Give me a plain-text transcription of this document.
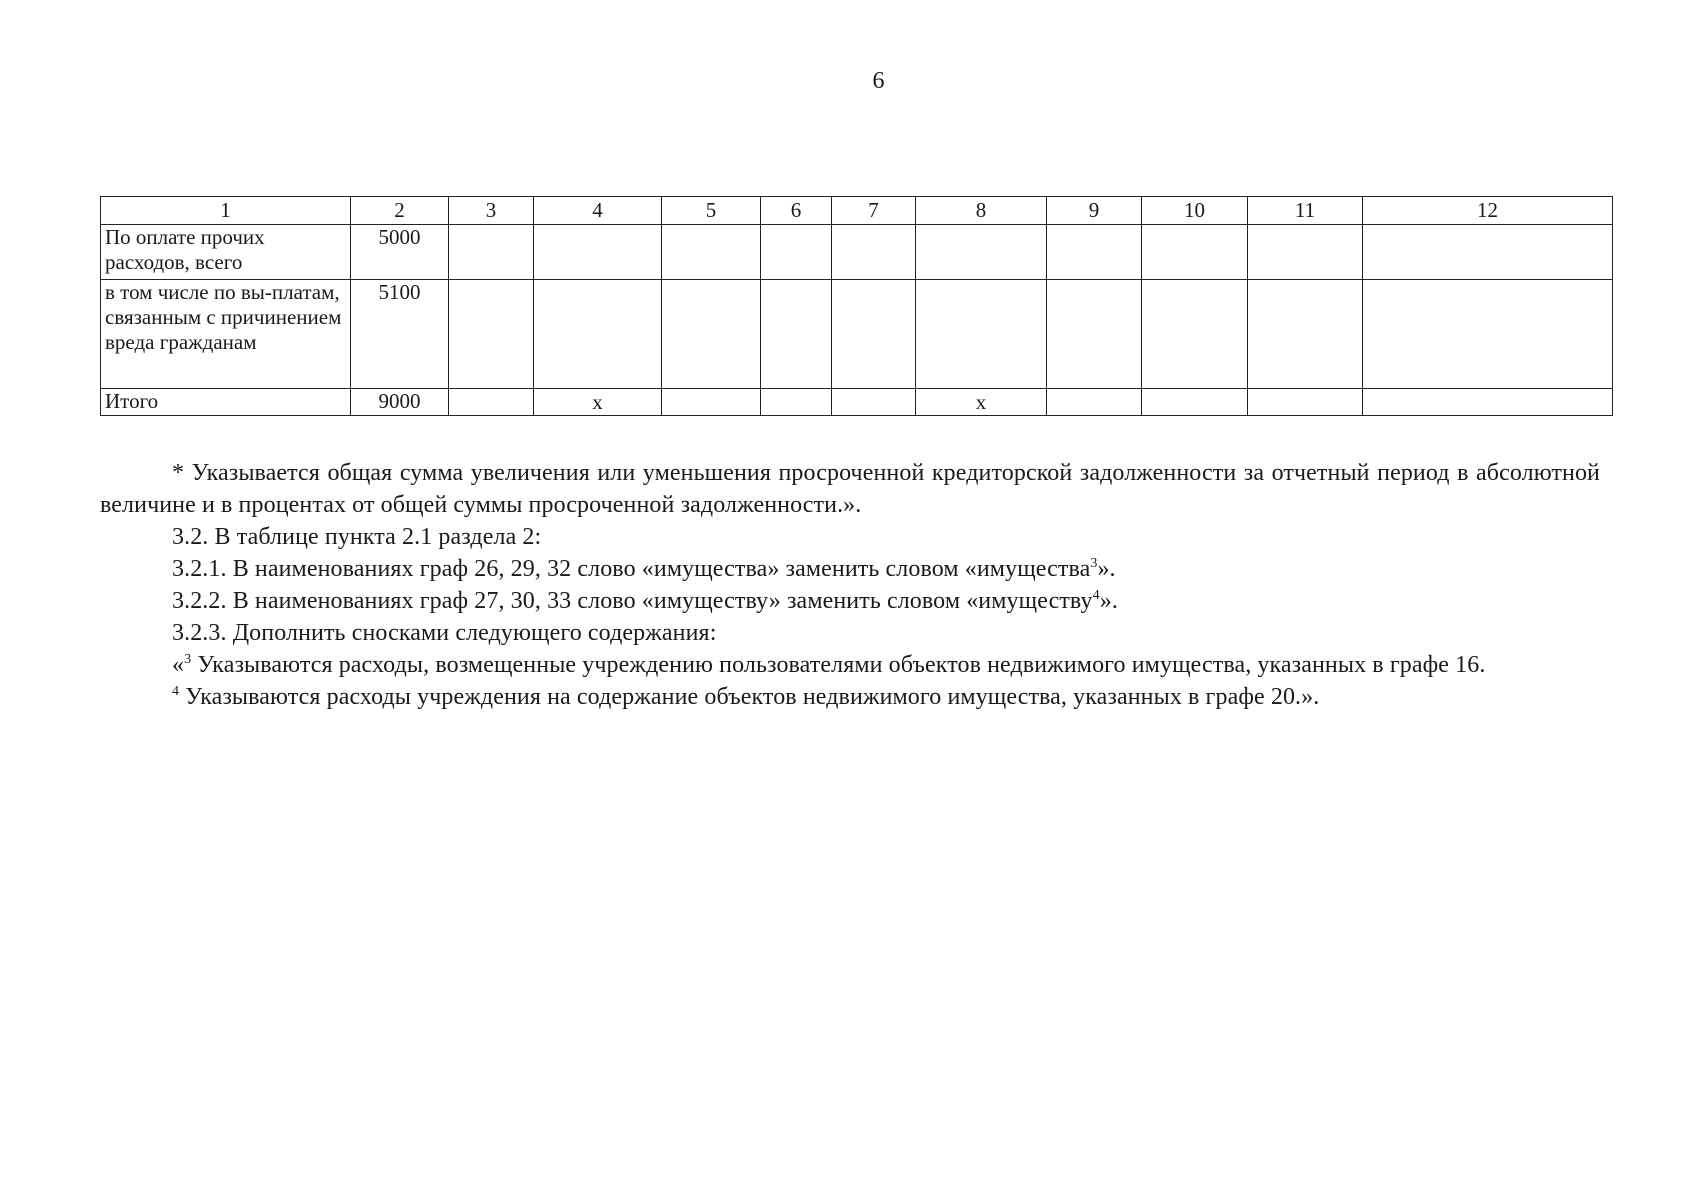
6
1	2	3	4	5	6	7	8	9	10	11	12
По оплате прочих расходов, всего	5000										
в том числе по вы-платам, связанным с причинением вреда гражданам	5100										
Итого	9000		x				x				

* Указывается общая сумма увеличения или уменьшения просроченной кредиторской задолженности за отчетный период в абсолютной величине и в процентах от общей суммы просроченной задолженности.».

3.2. В таблице пункта 2.1 раздела 2:

3.2.1. В наименованиях граф 26, 29, 32 слово «имущества» заменить словом «имущества$^3$».

3.2.2. В наименованиях граф 27, 30, 33 слово «имуществу» заменить словом «имуществу$^4$».

3.2.3. Дополнить сносками следующего содержания:

«$^3$ Указываются расходы, возмещенные учреждению пользователями объектов недвижимого имущества, указанных в графе 16.

$^4$ Указываются расходы учреждения на содержание объектов недвижимого имущества, указанных в графе 20.».
